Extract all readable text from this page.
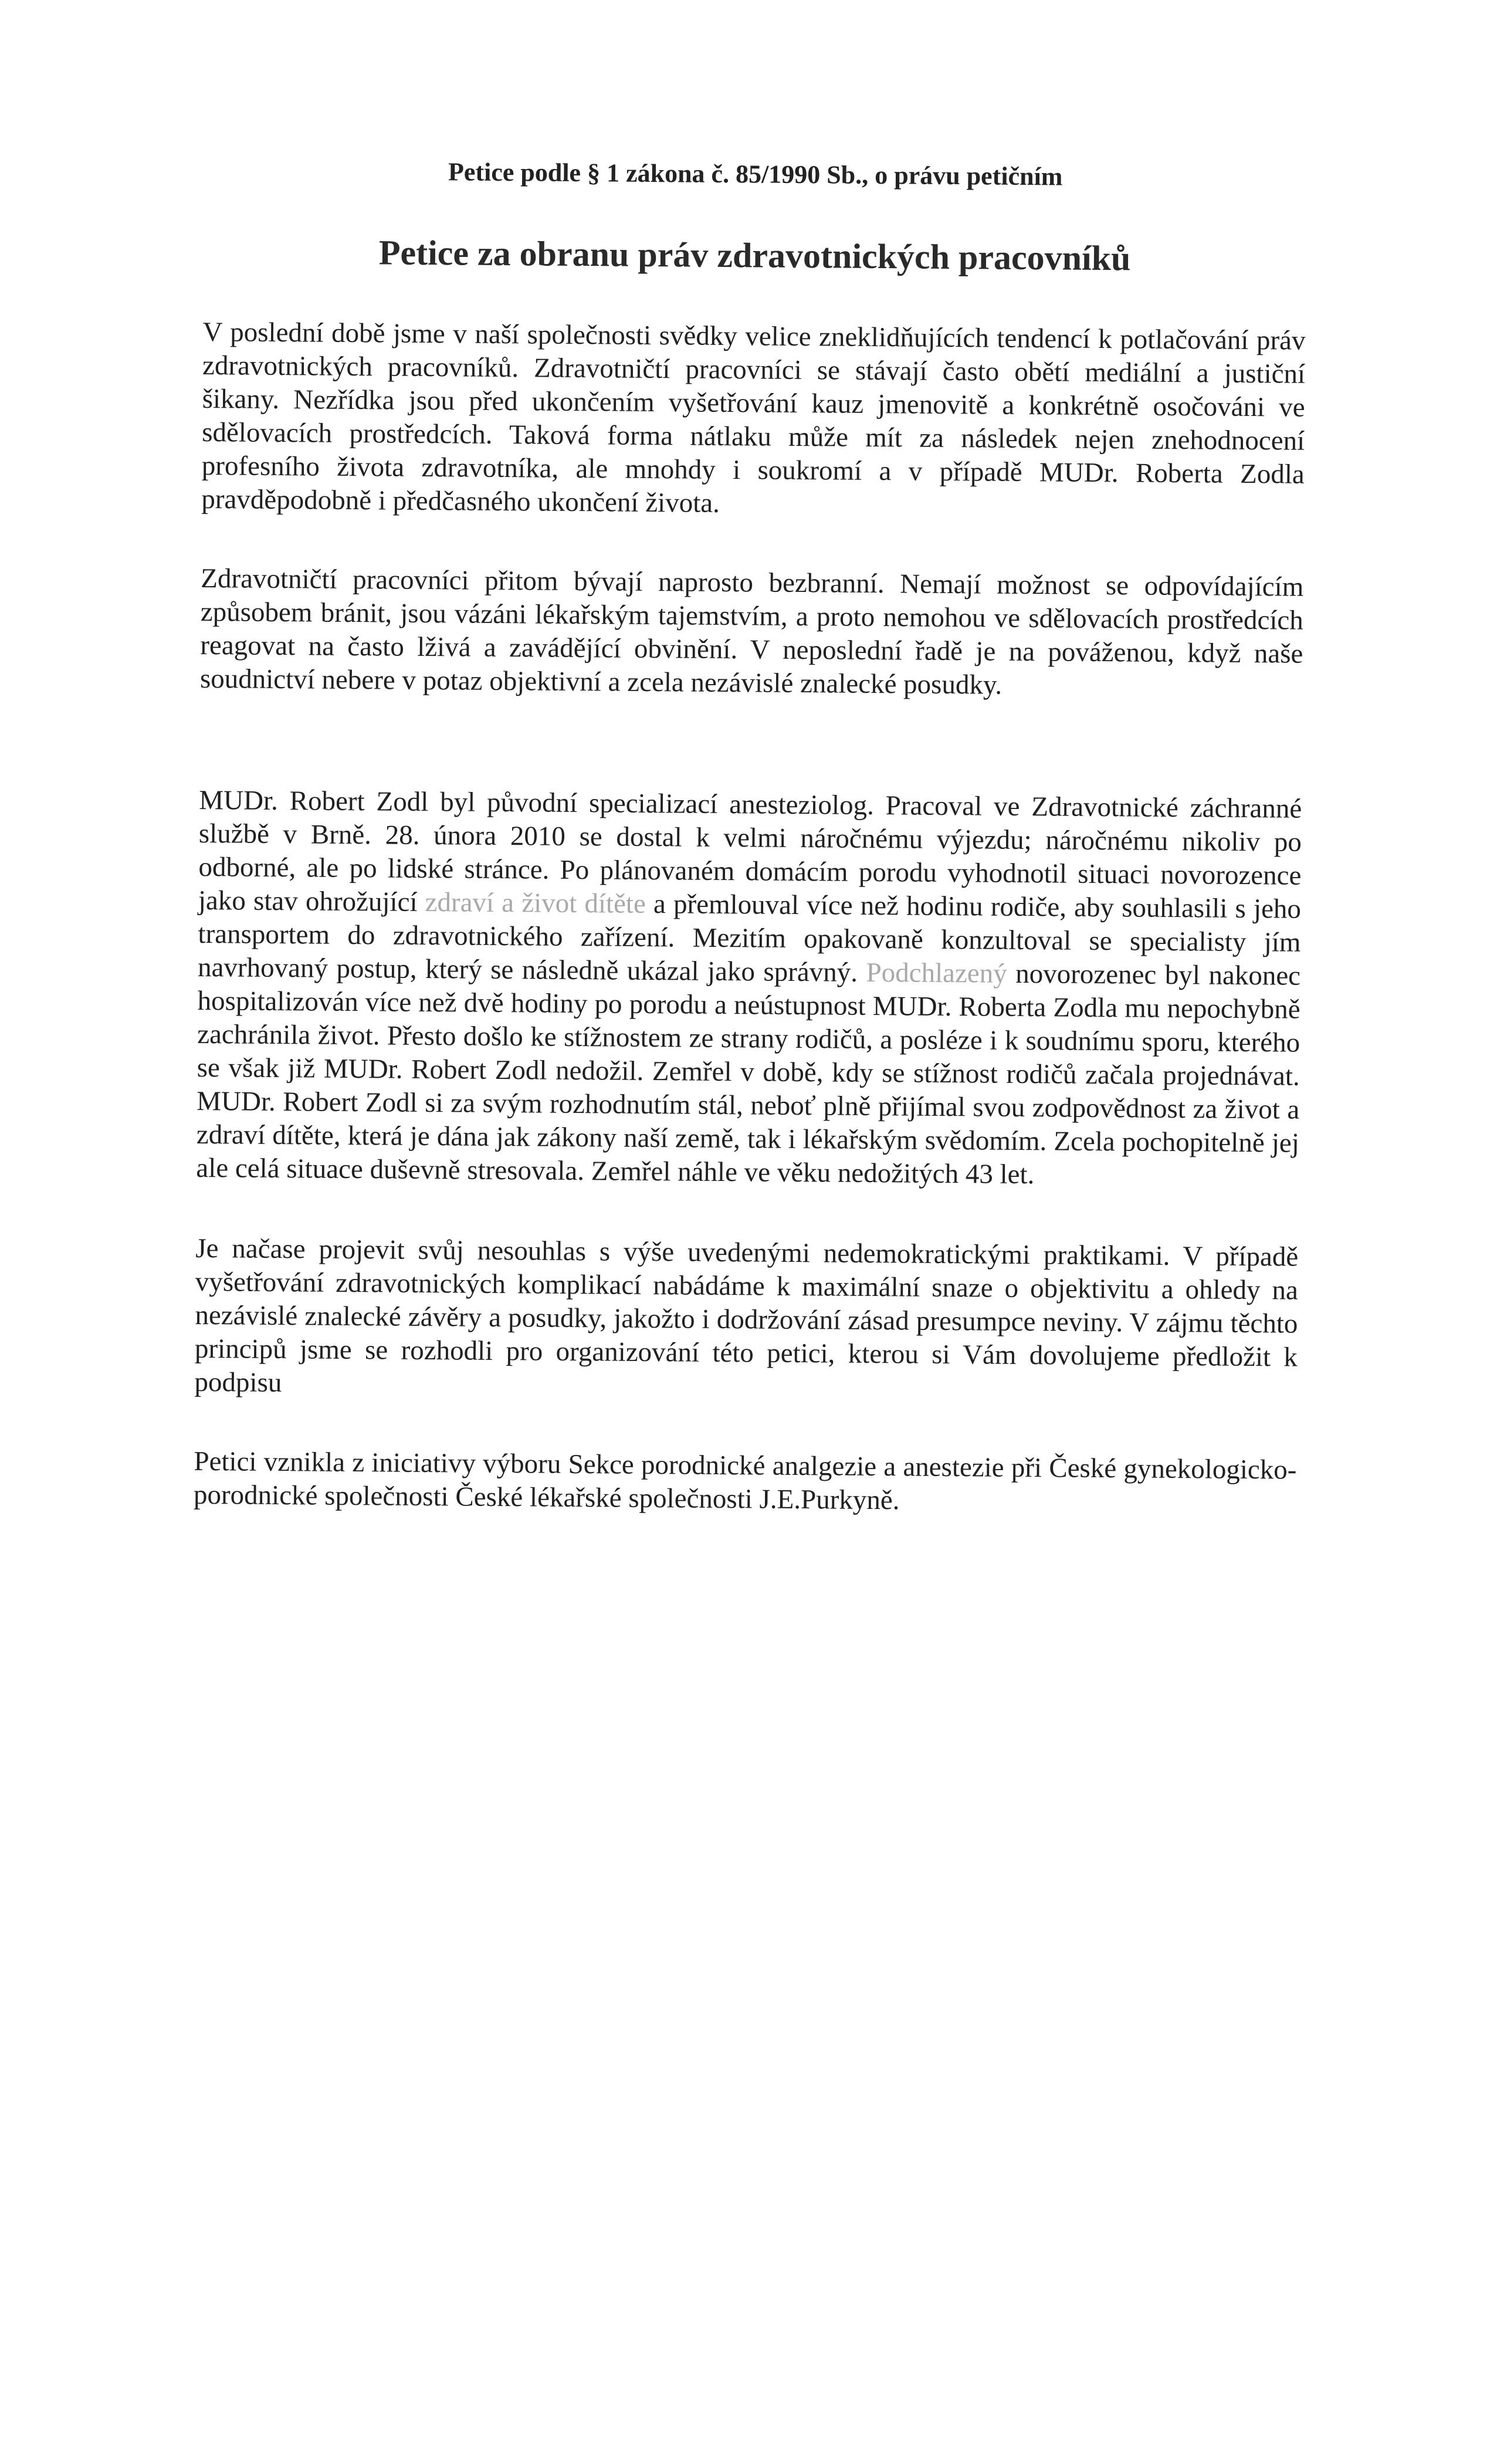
Petice podle § 1 zákona č. 85/1990 Sb., o právu petičním
Petice za obranu práv zdravotnických pracovníků

V poslední době jsme v naší společnosti svědky velice zneklidňujících tendencí k potlačování práv zdravotnických pracovníků. Zdravotničtí pracovníci se stávají často obětí mediální a justiční šikany. Nezřídka jsou před ukončením vyšetřování kauz jmenovitě a konkrétně osočováni ve sdělovacích prostředcích. Taková forma nátlaku může mít za následek nejen znehodnocení profesního života zdravotníka, ale mnohdy i soukromí a v případě MUDr. Roberta Zodla pravděpodobně i předčasného ukončení života.

Zdravotničtí pracovníci přitom bývají naprosto bezbranní. Nemají možnost se odpovídajícím způsobem bránit, jsou vázáni lékařským tajemstvím, a proto nemohou ve sdělovacích prostředcích reagovat na často lživá a zavádějící obvinění. V neposlední řadě je na pováženou, když naše soudnictví nebere v potaz objektivní a zcela nezávislé znalecké posudky.

MUDr. Robert Zodl byl původní specializací anesteziolog. Pracoval ve Zdravotnické záchranné službě v Brně. 28. února 2010 se dostal k velmi náročnému výjezdu; náročnému nikoliv po odborné, ale po lidské stránce. Po plánovaném domácím porodu vyhodnotil situaci novorozence jako stav ohrožující zdraví a život dítěte a přemlouval více než hodinu rodiče, aby souhlasili s jeho transportem do zdravotnického zařízení. Mezitím opakovaně konzultoval se specialisty jím navrhovaný postup, který se následně ukázal jako správný. Podchlazený novorozenec byl nakonec hospitalizován více než dvě hodiny po porodu a neústupnost MUDr. Roberta Zodla mu nepochybně zachránila život. Přesto došlo ke stížnostem ze strany rodičů, a posléze i k soudnímu sporu, kterého se však již MUDr. Robert Zodl nedožil. Zemřel v době, kdy se stížnost rodičů začala projednávat. MUDr. Robert Zodl si za svým rozhodnutím stál, neboť plně přijímal svou zodpovědnost za život a zdraví dítěte, která je dána jak zákony naší země, tak i lékařským svědomím. Zcela pochopitelně jej ale celá situace duševně stresovala. Zemřel náhle ve věku nedožitých 43 let.

Je načase projevit svůj nesouhlas s výše uvedenými nedemokratickými praktikami. V případě vyšetřování zdravotnických komplikací nabádáme k maximální snaze o objektivitu a ohledy na nezávislé znalecké závěry a posudky, jakožto i dodržování zásad presumpce neviny. V zájmu těchto principů jsme se rozhodli pro organizování této petici, kterou si Vám dovolujeme předložit k podpisu

Petici vznikla z iniciativy výboru Sekce porodnické analgezie a anestezie při České gynekologicko-porodnické společnosti České lékařské společnosti J.E.Purkyně.
